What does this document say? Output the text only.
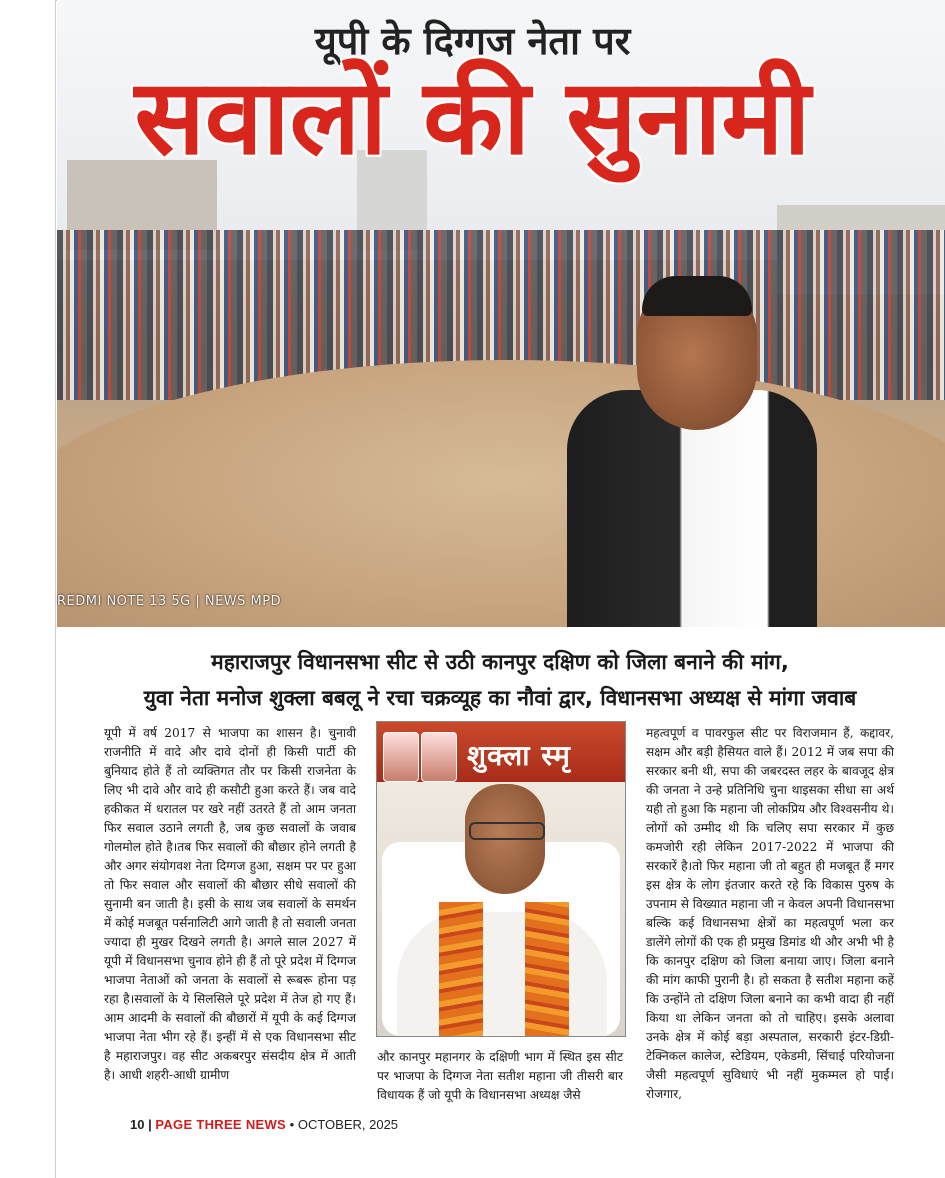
REDMI NOTE 13 5G | NEWS MPD
यूपी के दिग्गज नेता पर
सवालों की सुनामी
महाराजपुर विधानसभा सीट से उठी कानपुर दक्षिण को जिला बनाने की मांग,
युवा नेता मनोज शुक्ला बबलू ने रचा चक्रव्यूह का नौवां द्वार, विधानसभा अध्यक्ष से मांगा जवाब
यूपी में वर्ष 2017 से भाजपा का शासन है। चुनावी राजनीति में वादे और दावे दोनों ही किसी पार्टी की बुनियाद होते हैं तो व्यक्तिगत तौर पर किसी राजनेता के लिए भी दावे और वादे ही कसौटी हुआ करते हैं। जब वादे हकीकत में धरातल पर खरे नहीं उतरते हैं तो आम जनता फिर सवाल उठाने लगती है, जब कुछ सवालों के जवाब गोलमोल होते है।तब फिर सवालों की बौछार होने लगती है और अगर संयोगवश नेता दिग्गज हुआ, सक्षम पर पर हुआ तो फिर सवाल और सवालों की बौछार सीधे सवालों की सुनामी बन जाती है। इसी के साथ जब सवालों के समर्थन में कोई मजबूत पर्सनालिटी आगे जाती है तो सवाली जनता ज्यादा ही मुखर दिखने लगती है। अगले साल 2027 में यूपी में विधानसभा चुनाव होने ही हैं तो पूरे प्रदेश में दिग्गज भाजपा नेताओं को जनता के सवालों से रूबरू होना पड़ रहा है।सवालों के ये सिलसिले पूरे प्रदेश में तेज हो गए हैं। आम आदमी के सवालों की बौछारों में यूपी के कई दिग्गज भाजपा नेता भीग रहे हैं। इन्हीं में से एक विधानसभा सीट है महाराजपुर। वह सीट अकबरपुर संसदीय क्षेत्र में आती है। आधी शहरी-आधी ग्रामीण
शुक्ला स्मृ
और कानपुर महानगर के दक्षिणी भाग में स्थित इस सीट पर भाजपा के दिग्गज नेता सतीश महाना जी तीसरी बार विधायक हैं जो यूपी के विधानसभा अध्यक्ष जैसे
महत्वपूर्ण व पावरफुल सीट पर विराजमान हैं, कद्दावर, सक्षम और बड़ी हैसियत वाले हैं। 2012 में जब सपा की सरकार बनी थी, सपा की जबरदस्त लहर के बावजूद क्षेत्र की जनता ने उन्हे प्रतिनिधि चुना थाइसका सीधा सा अर्थ यही तो हुआ कि महाना जी लोकप्रिय और विश्वसनीय थे। लोगों को उम्मीद थी कि चलिए सपा सरकार में कुछ कमजोरी रही लेकिन 2017-2022 में भाजपा की सरकारें है।तो फिर महाना जी तो बहुत ही मजबूत हैं मगर इस क्षेत्र के लोग इंतजार करते रहे कि विकास पुरुष के उपनाम से विख्यात महाना जी न केवल अपनी विधानसभा बल्कि कई विधानसभा क्षेत्रों का महत्वपूर्ण भला कर डालेंगे लोगों की एक ही प्रमुख डिमांड थी और अभी भी है कि कानपुर दक्षिण को जिला बनाया जाए। जिला बनाने की मांग काफी पुरानी है। हो सकता है सतीश महाना कहें कि उन्होंने तो दक्षिण जिला बनाने का कभी वादा ही नहीं किया था लेकिन जनता को तो चाहिए। इसके अलावा उनके क्षेत्र में कोई बड़ा अस्पताल, सरकारी इंटर-डिग्री-टेक्निकल कालेज, स्टेडियम, एकेडमी, सिंचाई परियोजना जैसी महत्वपूर्ण सुविधाएं भी नहीं मुकम्मल हो पाईं। रोजगार,
10 | PAGE THREE NEWS • OCTOBER, 2025
